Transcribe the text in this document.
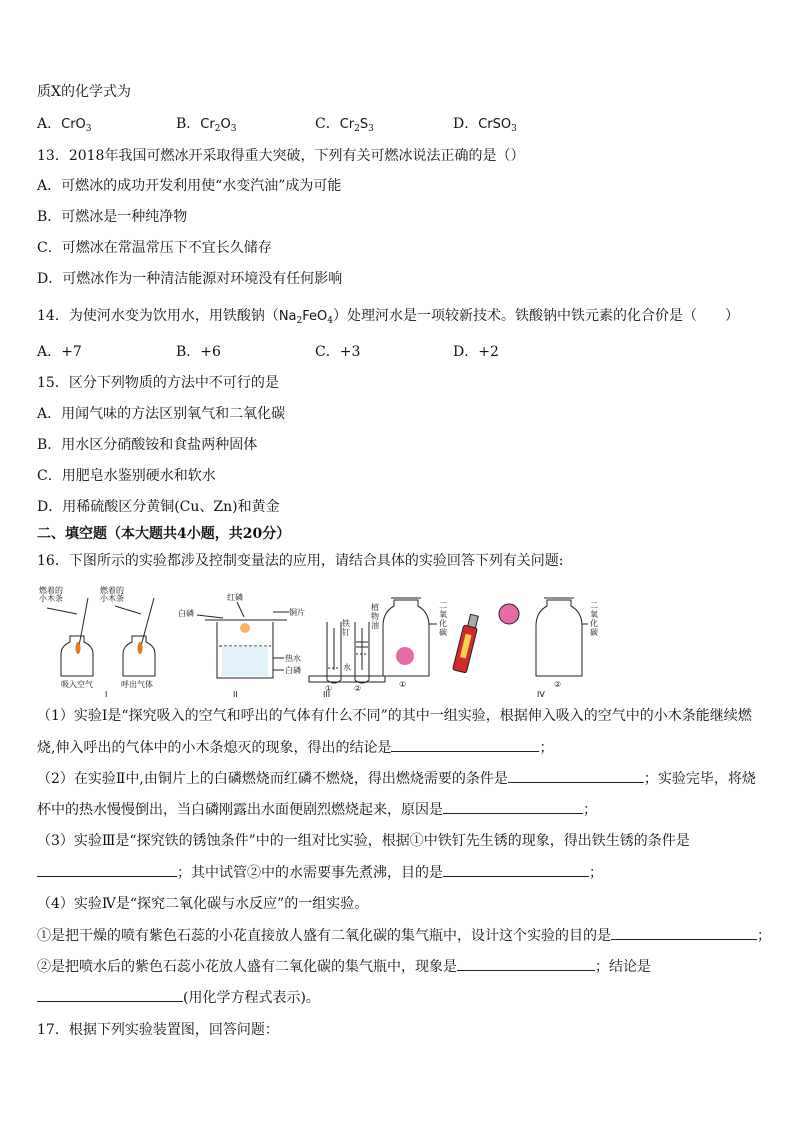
质X的化学式为
A．CrO$_3$	B．$Cr_2O_3$	C．$Cr_2S_3$	D．CrSO$_3$
13．2018年我国可燃冰开采取得重大突破，下列有关可燃冰说法正确的是（）
A．可燃冰的成功开发利用使“水变汽油”成为可能
B．可燃冰是一种纯净物
C．可燃冰在常温常压下不宜长久储存
D．可燃冰作为一种清洁能源对环境没有任何影响
14．为使河水变为饮用水，用铁酸钠$(Na_2FeO_4)$处理河水是一项较新技术。铁酸钠中铁元素的化合价是（　　）
A．+7	B．+6	C．+3	D．+2
15．区分下列物质的方法中不可行的是
A．用闻气味的方法区别氧气和二氧化碳
B．用水区分硝酸铵和食盐两种固体
C．用肥皂水鉴别硬水和软水
D．用稀硫酸区分黄铜(Cu、Zn)和黄金
二、填空题（本大题共4小题，共20分）
16．下图所示的实验都涉及控制变量法的应用，请结合具体的实验回答下列有关问题:
燃着的小木条
燃着的小木条
吸入空气	呼出气体
I
红磷
白磷	铜片
热水
白磷
II
铁钉
植物油
水
①	②
III
二氧化碳
二氧化碳
①	②
IV
（1）实验Ⅰ是“探究吸入的空气和呼出的气体有什么不同”的其中一组实验，根据伸入吸入的空气中的小木条能继续燃
烧,伸入呼出的气体中的小木条熄灭的现象，得出的结论是	；
（2）在实验Ⅱ中,由铜片上的白磷燃烧而红磷不燃烧，得出燃烧需要的条件是	；实验完毕，将烧
杯中的热水慢慢倒出，当白磷刚露出水面便剧烈燃烧起来，原因是	；
（3）实验Ⅲ是“探究铁的锈蚀条件”中的一组对比实验，根据①中铁钉先生锈的现象，得出铁生锈的条件是
；其中试管②中的水需要事先煮沸，目的是	；
（4）实验Ⅳ是“探究二氧化碳与水反应”的一组实验。
①是把干燥的喷有紫色石蕊的小花直接放人盛有二氧化碳的集气瓶中，设计这个实验的目的是	；
②是把喷水后的紫色石蕊小花放人盛有二氧化碳的集气瓶中，现象是	；结论是
(用化学方程式表示)。
17．根据下列实验装置图，回答问题：
